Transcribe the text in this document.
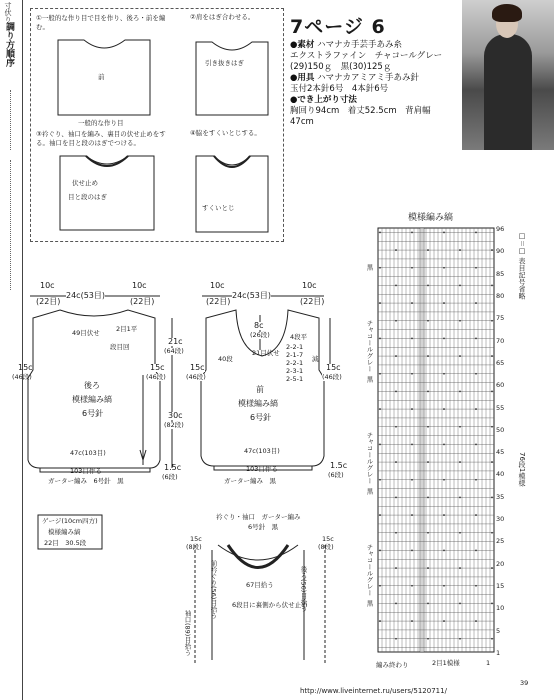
調り方順序
寸伏り	①一般的な作り目で目を作り、後ろ・前を編む。
②肩をはぎ合わせる。
③衿ぐり、袖口を編み、裏目の伏せ止めをする。袖口を目と段のはぎでつける。
④脇をすくいとじする。
前
一般的な作り目
引き抜きはぎ
伏せ止め
目と段のはぎ
すくいとじ
7ページ 6

●素材 ハマナカ手芸手あみ糸

エクストラファイン　チャコールグレー

(29)150ｇ　黒(30)125ｇ

●用具 ハマナカアミアミ手あみ針

玉付2本針6号　4本針6号

●でき上がり寸法

胸回り94cm　着丈52.5cm　背肩幅

47cm

模様編み縞
□＝□ 表目記号省略
76段1模様
96
90
85
80
75
70
65
60
55
50
45
40
35
30
25
20
15
10
5
1
黒
チャコールグレー
黒
チャコールグレー
黒
チャコールグレー
黒
編み終わり	2目1模様	1
39
10c
(22目)
24c(53目)
10c
(22目)
49目伏せ 2目1平
段目回
21c
(64段)
15c
(46段)
15c
(46段)
後ろ
模様編み縞
6号針	30c
(82段)
47c(103目)
103目作る
ガーター編み　6号針　黒
1.5c
(6段)
10c
(22目)
24c(53目)
10c
(22目)
8c
(26段)
21目伏せ
4段平
2-2-1
2-1-7
2-2-1
2-3-1
2-5-1
減
40段
15c
(46段)
15c
(46段)
前
模様編み縞
6号針
47c(103目)
103目作る
ガーター編み　黒
1.5c
(6段)
ゲージ(10cm四方)
模様編み縞
22目　30.5段
衿ぐり・袖口　ガーター編み
6号針　黒
15c
(8段)
15c
(8段)
67目拾う
前衿ぐり(56)目拾う	後ろ(56)目拾う
6段目に裏側から伏せ止め
袖口(89)目拾う
http://www.liveinternet.ru/users/5120711/
